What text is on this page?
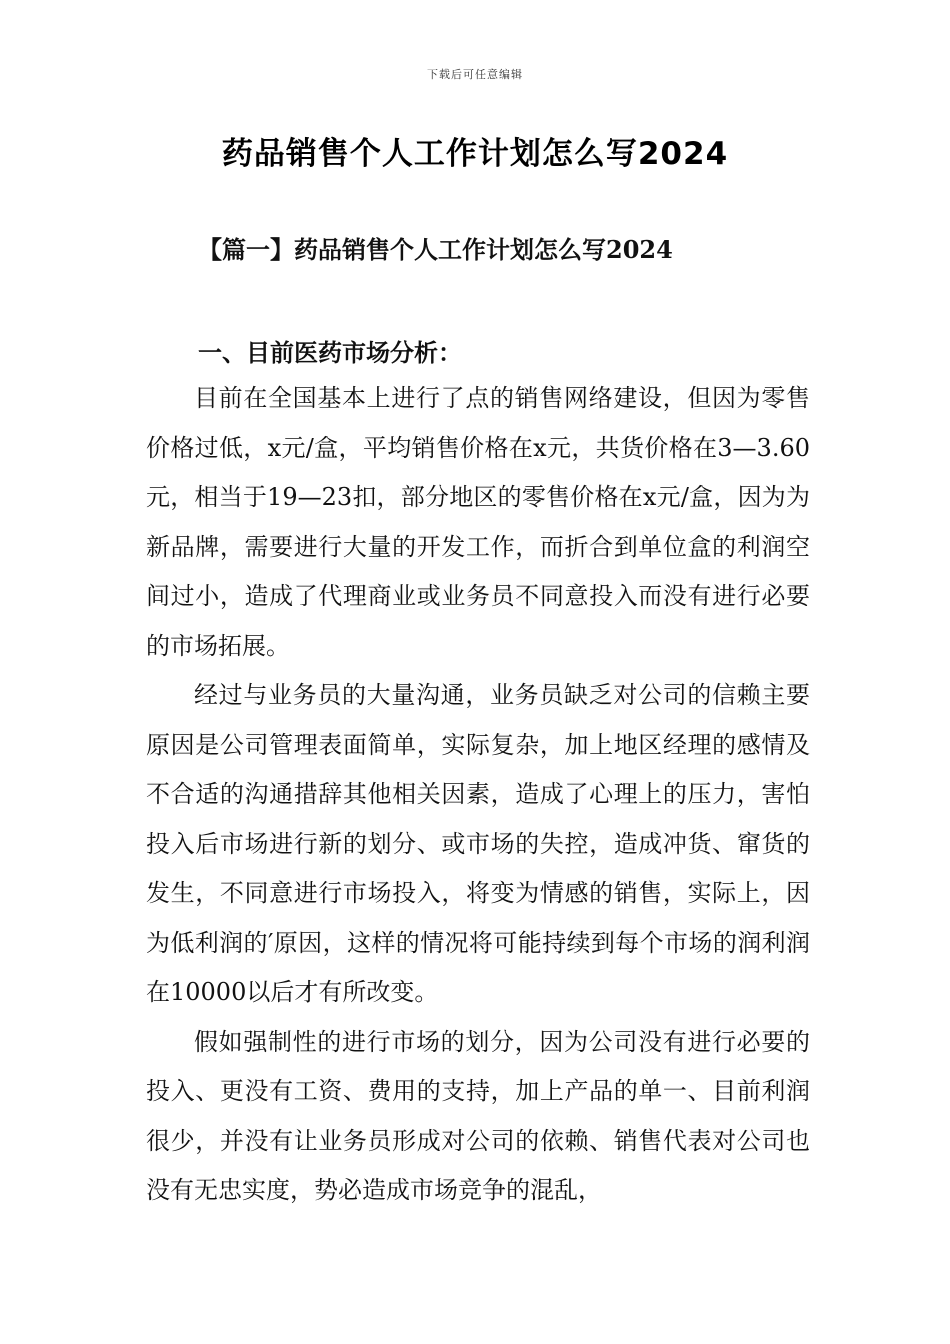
下载后可任意编辑
药品销售个人工作计划怎么写2024
【篇一】药品销售个人工作计划怎么写2024
一、目前医药市场分析：

目前在全国基本上进行了点的销售网络建设，但因为零售价格过低，x元/盒，平均销售价格在x元，共货价格在3—3.60元，相当于19—23扣，部分地区的零售价格在x元/盒，因为为新品牌，需要进行大量的开发工作，而折合到单位盒的利润空间过小，造成了代理商业或业务员不同意投入而没有进行必要的市场拓展。

经过与业务员的大量沟通，业务员缺乏对公司的信赖主要原因是公司管理表面简单，实际复杂，加上地区经理的感情及不合适的沟通措辞其他相关因素，造成了心理上的压力，害怕投入后市场进行新的划分、或市场的失控，造成冲货、窜货的发生，不同意进行市场投入，将变为情感的销售，实际上，因为低利润的′原因，这样的情况将可能持续到每个市场的润利润在10000以后才有所改变。

假如强制性的进行市场的划分，因为公司没有进行必要的投入、更没有工资、费用的支持，加上产品的单一、目前利润很少，并没有让业务员形成对公司的依赖、销售代表对公司也没有无忠实度，势必造成市场竞争的混乱，
